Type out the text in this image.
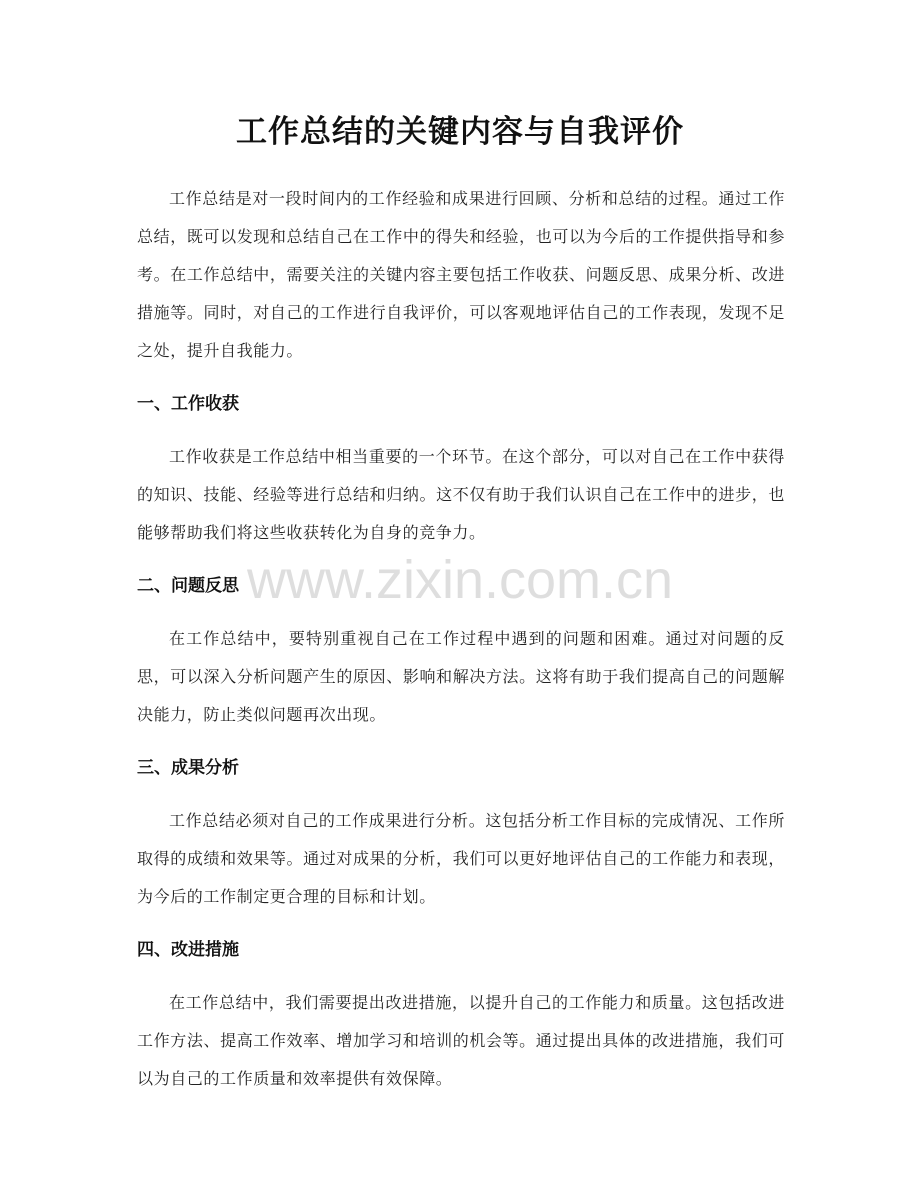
工作总结的关键内容与自我评价

工作总结是对一段时间内的工作经验和成果进行回顾、分析和总结的过程。通过工作总结，既可以发现和总结自己在工作中的得失和经验，也可以为今后的工作提供指导和参考。在工作总结中，需要关注的关键内容主要包括工作收获、问题反思、成果分析、改进措施等。同时，对自己的工作进行自我评价，可以客观地评估自己的工作表现，发现不足之处，提升自我能力。

一、工作收获

工作收获是工作总结中相当重要的一个环节。在这个部分，可以对自己在工作中获得的知识、技能、经验等进行总结和归纳。这不仅有助于我们认识自己在工作中的进步，也能够帮助我们将这些收获转化为自身的竞争力。

二、问题反思

在工作总结中，要特别重视自己在工作过程中遇到的问题和困难。通过对问题的反思，可以深入分析问题产生的原因、影响和解决方法。这将有助于我们提高自己的问题解决能力，防止类似问题再次出现。

三、成果分析

工作总结必须对自己的工作成果进行分析。这包括分析工作目标的完成情况、工作所取得的成绩和效果等。通过对成果的分析，我们可以更好地评估自己的工作能力和表现，为今后的工作制定更合理的目标和计划。

四、改进措施

在工作总结中，我们需要提出改进措施，以提升自己的工作能力和质量。这包括改进工作方法、提高工作效率、增加学习和培训的机会等。通过提出具体的改进措施，我们可以为自己的工作质量和效率提供有效保障。

www.zixin.com.cn
